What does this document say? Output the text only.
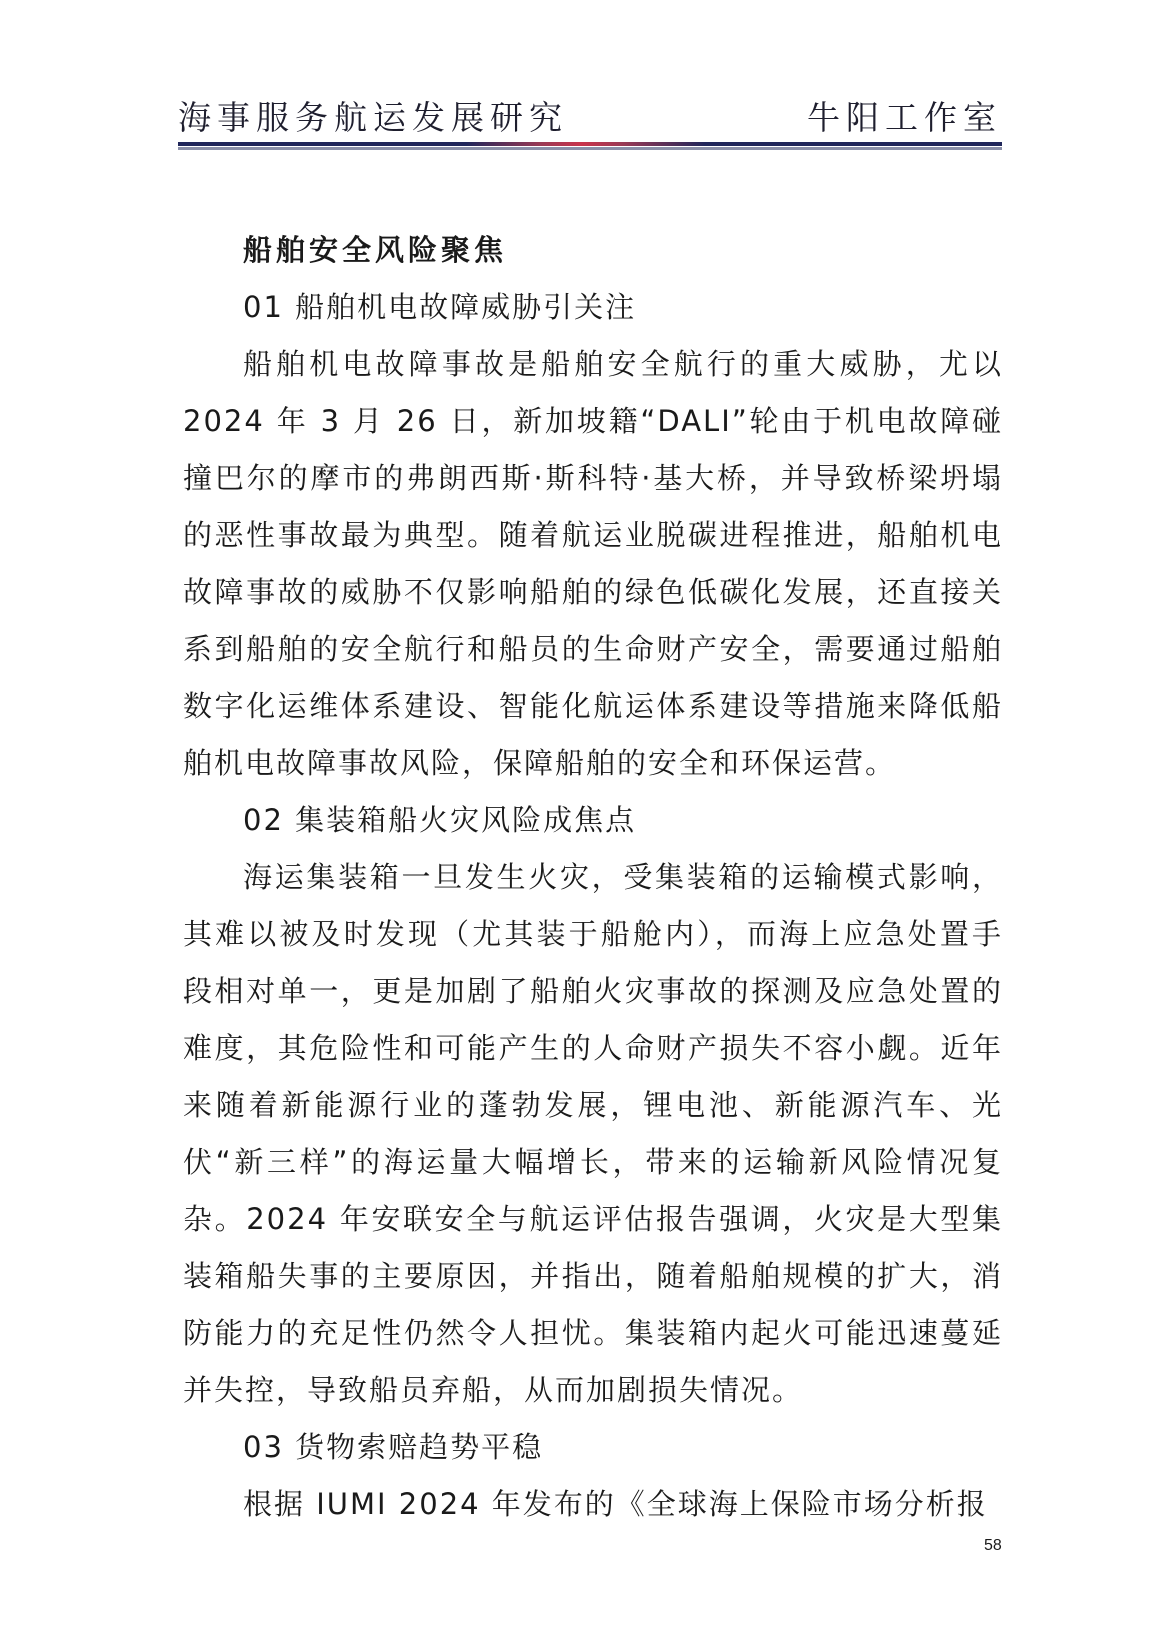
海事服务航运发展研究	牛阳工作室

船舶安全风险聚焦

01 船舶机电故障威胁引关注

船舶机电故障事故是船舶安全航行的重大威胁，尤以2024 年 3 月 26 日，新加坡籍“DALI”轮由于机电故障碰撞巴尔的摩市的弗朗西斯·斯科特·基大桥，并导致桥梁坍塌的恶性事故最为典型。随着航运业脱碳进程推进，船舶机电故障事故的威胁不仅影响船舶的绿色低碳化发展，还直接关系到船舶的安全航行和船员的生命财产安全，需要通过船舶数字化运维体系建设、智能化航运体系建设等措施来降低船舶机电故障事故风险，保障船舶的安全和环保运营。

02 集装箱船火灾风险成焦点

海运集装箱一旦发生火灾，受集装箱的运输模式影响，其难以被及时发现（尤其装于船舱内），而海上应急处置手段相对单一，更是加剧了船舶火灾事故的探测及应急处置的难度，其危险性和可能产生的人命财产损失不容小觑。近年来随着新能源行业的蓬勃发展，锂电池、新能源汽车、光伏“新三样”的海运量大幅增长，带来的运输新风险情况复杂。2024 年安联安全与航运评估报告强调，火灾是大型集装箱船失事的主要原因，并指出，随着船舶规模的扩大，消防能力的充足性仍然令人担忧。集装箱内起火可能迅速蔓延并失控，导致船员弃船，从而加剧损失情况。

03 货物索赔趋势平稳

根据 IUMI 2024 年发布的《全球海上保险市场分析报

58
